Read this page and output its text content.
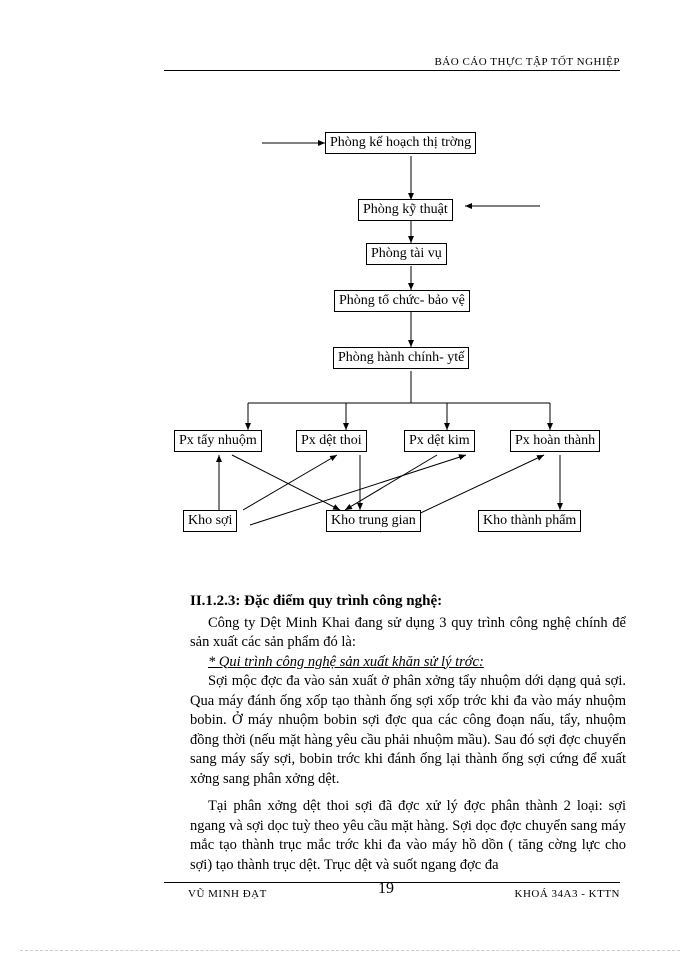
BÁO CÁO THỰC TẬP TỐT NGHIỆP
Phòng kế hoạch thị trờng
Phòng kỹ thuật
Phòng tài vụ
Phòng tổ chức- bảo vệ
Phòng hành chính- ytế
Px tẩy nhuộm	Px dệt thoi	Px dệt kim	Px hoàn thành
Kho sợi	Kho trung gian	Kho thành phẩm

II.1.2.3: Đặc điểm quy trình công nghệ:

Công ty Dệt Minh Khai đang sử dụng 3 quy trình công nghệ chính để sản xuất các sản phẩm đó là:

* Qui trình công nghệ sản xuất khăn sử lý trớc:

Sợi mộc đợc đa vào sản xuất ở phân xởng tẩy nhuộm dới dạng quả sợi. Qua máy đánh ống xốp tạo thành ống sợi xốp trớc khi đa vào máy nhuộm bobin. Ở máy nhuộm bobin sợi đợc qua các công đoạn nấu, tẩy, nhuộm đồng thời (nếu mặt hàng yêu cầu phải nhuộm mầu). Sau đó sợi đợc chuyển sang máy sấy sợi, bobin trớc khi đánh ống lại thành ống sợi cứng để xuất xởng sang phân xởng dệt.

Tại phân xởng dệt thoi sợi đã đợc xử lý đợc phân thành 2 loại: sợi ngang và sợi dọc tuỳ theo yêu cầu mặt hàng. Sợi dọc đợc chuyển sang máy mắc tạo thành trục mắc trớc khi đa vào máy hồ dồn ( tăng cờng lực cho sợi) tạo thành trục dệt. Trục dệt và suốt ngang đợc đa

VŨ MINH ĐẠT	19	KHOÁ 34A3 - KTTN
